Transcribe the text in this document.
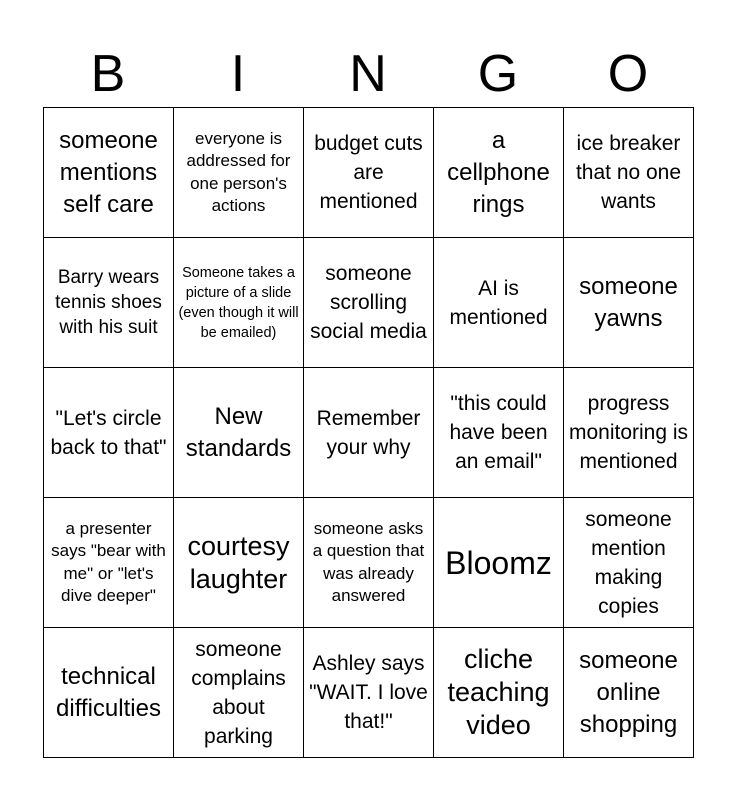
B	I	N	G	O
someone mentions self care	everyone is addressed for one person's actions	budget cuts are mentioned	a cellphone rings	ice breaker that no one wants
Barry wears tennis shoes with his suit	Someone takes a picture of a slide (even though it will be emailed)	someone scrolling social media	AI is mentioned	someone yawns
"Let's circle back to that"	New standards	Remember your why	"this could have been an email"	progress monitoring is mentioned
a presenter says "bear with me" or "let's dive deeper"	courtesy laughter	someone asks a question that was already answered	Bloomz	someone mention making copies
technical difficulties	someone complains about parking	Ashley says "WAIT. I love that!"	cliche teaching video	someone online shopping
